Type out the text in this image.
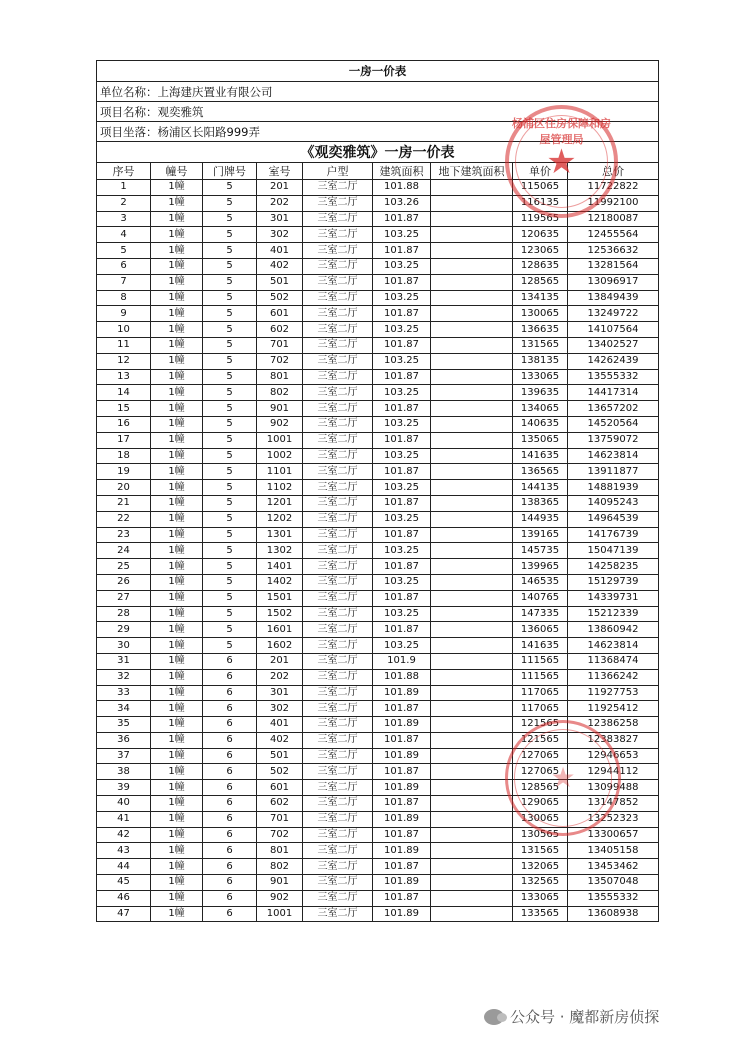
一房一价表								
单位名称：上海建庆置业有限公司								
项目名称：观奕雅筑								
项目坐落：杨浦区长阳路999弄								
《观奕雅筑》一房一价表								
序号	幢号	门牌号	室号	户型	建筑面积	地下建筑面积	单价	总价
1	1幢	5	201	三室二厅	101.88		115065	11722822
2	1幢	5	202	三室二厅	103.26		116135	11992100
3	1幢	5	301	三室二厅	101.87		119565	12180087
4	1幢	5	302	三室二厅	103.25		120635	12455564
5	1幢	5	401	三室二厅	101.87		123065	12536632
6	1幢	5	402	三室二厅	103.25		128635	13281564
7	1幢	5	501	三室二厅	101.87		128565	13096917
8	1幢	5	502	三室二厅	103.25		134135	13849439
9	1幢	5	601	三室二厅	101.87		130065	13249722
10	1幢	5	602	三室二厅	103.25		136635	14107564
11	1幢	5	701	三室二厅	101.87		131565	13402527
12	1幢	5	702	三室二厅	103.25		138135	14262439
13	1幢	5	801	三室二厅	101.87		133065	13555332
14	1幢	5	802	三室二厅	103.25		139635	14417314
15	1幢	5	901	三室二厅	101.87		134065	13657202
16	1幢	5	902	三室二厅	103.25		140635	14520564
17	1幢	5	1001	三室二厅	101.87		135065	13759072
18	1幢	5	1002	三室二厅	103.25		141635	14623814
19	1幢	5	1101	三室二厅	101.87		136565	13911877
20	1幢	5	1102	三室二厅	103.25		144135	14881939
21	1幢	5	1201	三室二厅	101.87		138365	14095243
22	1幢	5	1202	三室二厅	103.25		144935	14964539
23	1幢	5	1301	三室二厅	101.87		139165	14176739
24	1幢	5	1302	三室二厅	103.25		145735	15047139
25	1幢	5	1401	三室二厅	101.87		139965	14258235
26	1幢	5	1402	三室二厅	103.25		146535	15129739
27	1幢	5	1501	三室二厅	101.87		140765	14339731
28	1幢	5	1502	三室二厅	103.25		147335	15212339
29	1幢	5	1601	三室二厅	101.87		136065	13860942
30	1幢	5	1602	三室二厅	103.25		141635	14623814
31	1幢	6	201	三室二厅	101.9		111565	11368474
32	1幢	6	202	三室二厅	101.88		111565	11366242
33	1幢	6	301	三室二厅	101.89		117065	11927753
34	1幢	6	302	三室二厅	101.87		117065	11925412
35	1幢	6	401	三室二厅	101.89		121565	12386258
36	1幢	6	402	三室二厅	101.87		121565	12383827
37	1幢	6	501	三室二厅	101.89		127065	12946653
38	1幢	6	502	三室二厅	101.87		127065	12944112
39	1幢	6	601	三室二厅	101.89		128565	13099488
40	1幢	6	602	三室二厅	101.87		129065	13147852
41	1幢	6	701	三室二厅	101.89		130065	13252323
42	1幢	6	702	三室二厅	101.87		130565	13300657
43	1幢	6	801	三室二厅	101.89		131565	13405158
44	1幢	6	802	三室二厅	101.87		132065	13453462
45	1幢	6	901	三室二厅	101.89		132565	13507048
46	1幢	6	902	三室二厅	101.87		133065	13555332
47	1幢	6	1001	三室二厅	101.89		133565	13608938
杨浦区住房保障和房屋管理局
★
★
公众号 · 魔都新房侦探
